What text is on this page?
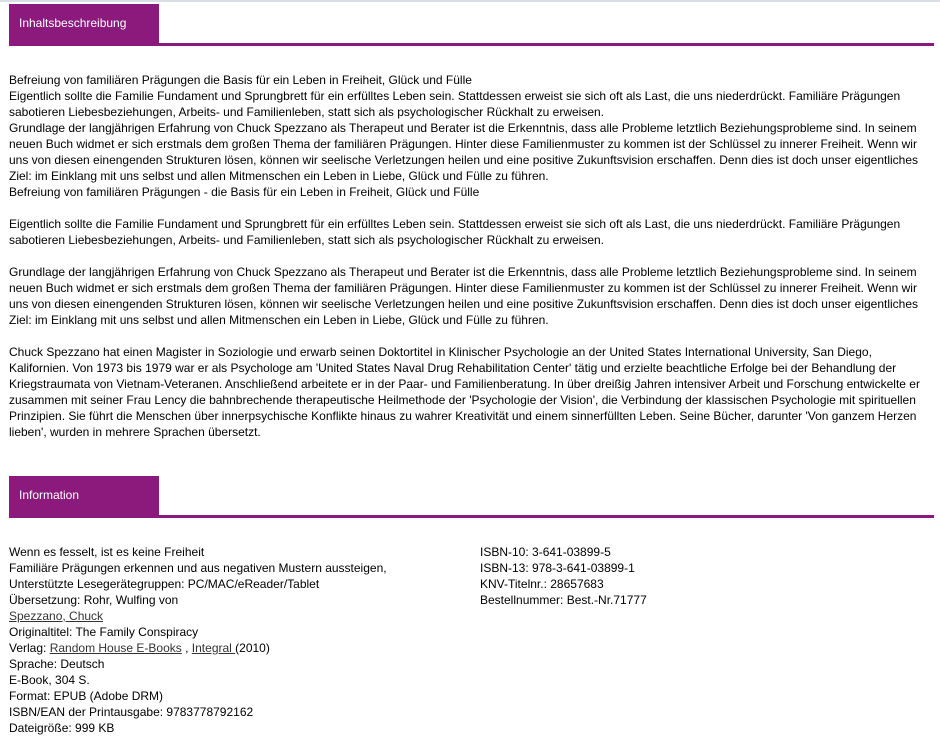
Inhaltsbeschreibung

Befreiung von familiären Prägungen die Basis für ein Leben in Freiheit, Glück und Fülle

Eigentlich sollte die Familie Fundament und Sprungbrett für ein erfülltes Leben sein. Stattdessen erweist sie sich oft als Last, die uns niederdrückt. Familiäre Prägungen sabotieren Liebesbeziehungen, Arbeits- und Familienleben, statt sich als psychologischer Rückhalt zu erweisen.

Grundlage der langjährigen Erfahrung von Chuck Spezzano als Therapeut und Berater ist die Erkenntnis, dass alle Probleme letztlich Beziehungsprobleme sind. In seinem neuen Buch widmet er sich erstmals dem großen Thema der familiären Prägungen. Hinter diese Familienmuster zu kommen ist der Schlüssel zu innerer Freiheit. Wenn wir uns von diesen einengenden Strukturen lösen, können wir seelische Verletzungen heilen und eine positive Zukunftsvision erschaffen. Denn dies ist doch unser eigentliches Ziel: im Einklang mit uns selbst und allen Mitmenschen ein Leben in Liebe, Glück und Fülle zu führen.

Befreiung von familiären Prägungen - die Basis für ein Leben in Freiheit, Glück und Fülle

Eigentlich sollte die Familie Fundament und Sprungbrett für ein erfülltes Leben sein. Stattdessen erweist sie sich oft als Last, die uns niederdrückt. Familiäre Prägungen sabotieren Liebesbeziehungen, Arbeits- und Familienleben, statt sich als psychologischer Rückhalt zu erweisen.

Grundlage der langjährigen Erfahrung von Chuck Spezzano als Therapeut und Berater ist die Erkenntnis, dass alle Probleme letztlich Beziehungsprobleme sind. In seinem neuen Buch widmet er sich erstmals dem großen Thema der familiären Prägungen. Hinter diese Familienmuster zu kommen ist der Schlüssel zu innerer Freiheit. Wenn wir uns von diesen einengenden Strukturen lösen, können wir seelische Verletzungen heilen und eine positive Zukunftsvision erschaffen. Denn dies ist doch unser eigentliches Ziel: im Einklang mit uns selbst und allen Mitmenschen ein Leben in Liebe, Glück und Fülle zu führen.

Chuck Spezzano hat einen Magister in Soziologie und erwarb seinen Doktortitel in Klinischer Psychologie an der United States International University, San Diego, Kalifornien. Von 1973 bis 1979 war er als Psychologe am 'United States Naval Drug Rehabilitation Center' tätig und erzielte beachtliche Erfolge bei der Behandlung der Kriegstraumata von Vietnam-Veteranen. Anschließend arbeitete er in der Paar- und Familienberatung. In über dreißig Jahren intensiver Arbeit und Forschung entwickelte er zusammen mit seiner Frau Lency die bahnbrechende therapeutische Heilmethode der 'Psychologie der Vision', die Verbindung der klassischen Psychologie mit spirituellen Prinzipien. Sie führt die Menschen über innerpsychische Konflikte hinaus zu wahrer Kreativität und einem sinnerfüllten Leben. Seine Bücher, darunter 'Von ganzem Herzen lieben', wurden in mehrere Sprachen übersetzt.

Information
Wenn es fesselt, ist es keine Freiheit
Familiäre Prägungen erkennen und aus negativen Mustern aussteigen,
Unterstützte Lesegerätegruppen: PC/MAC/eReader/Tablet
Übersetzung: Rohr, Wulfing von
Spezzano, Chuck
Originaltitel: The Family Conspiracy
Verlag: Random House E-Books , Integral (2010)
Sprache: Deutsch
E-Book, 304 S.
Format: EPUB (Adobe DRM)
ISBN/EAN der Printausgabe: 9783778792162
Dateigröße: 999 KB
ISBN-10: 3-641-03899-5
ISBN-13: 978-3-641-03899-1
KNV-Titelnr.: 28657683
Bestellnummer: Best.-Nr.71777
